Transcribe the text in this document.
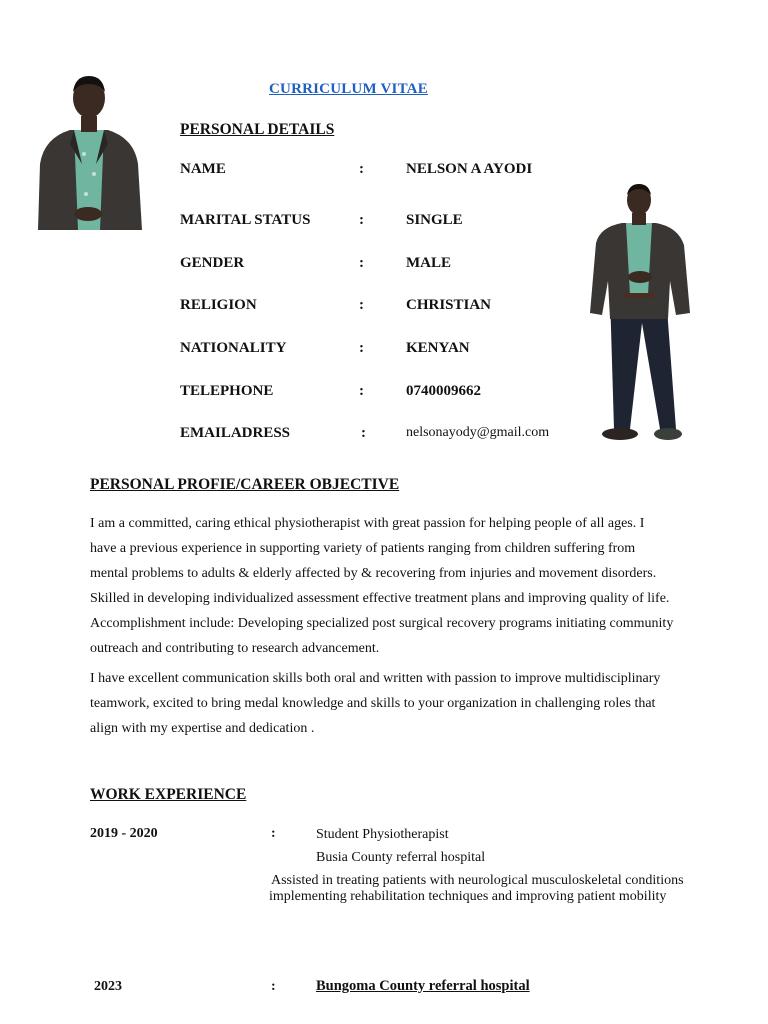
CURRICULUM VITAE
PERSONAL DETAILS
NAME	:	NELSON A AYODI
MARITAL STATUS	:	SINGLE
GENDER	:	MALE
RELIGION	:	CHRISTIAN
NATIONALITY	:	KENYAN
TELEPHONE	:	0740009662
EMAILADRESS	:	nelsonayody@gmail.com
PERSONAL PROFIE/CAREER OBJECTIVE
I am a committed, caring ethical physiotherapist with great passion for helping people of all ages. I
have a previous experience in supporting variety of patients ranging from children suffering from
mental problems to adults & elderly affected by & recovering from injuries and movement disorders.
Skilled in developing individualized assessment effective treatment plans and improving quality of life.
Accomplishment include: Developing specialized post surgical recovery programs initiating community
outreach and contributing to research advancement.
I have excellent communication skills both oral and written with passion to improve multidisciplinary
teamwork, excited to bring medal knowledge and skills to your organization in challenging roles that
align with my expertise and dedication .
WORK EXPERIENCE
2019 - 2020	:	Student Physiotherapist
Busia County referral hospital
Assisted in treating patients with neurological musculoskeletal conditions
implementing rehabilitation techniques and improving patient mobility
2023	:	Bungoma County referral hospital
